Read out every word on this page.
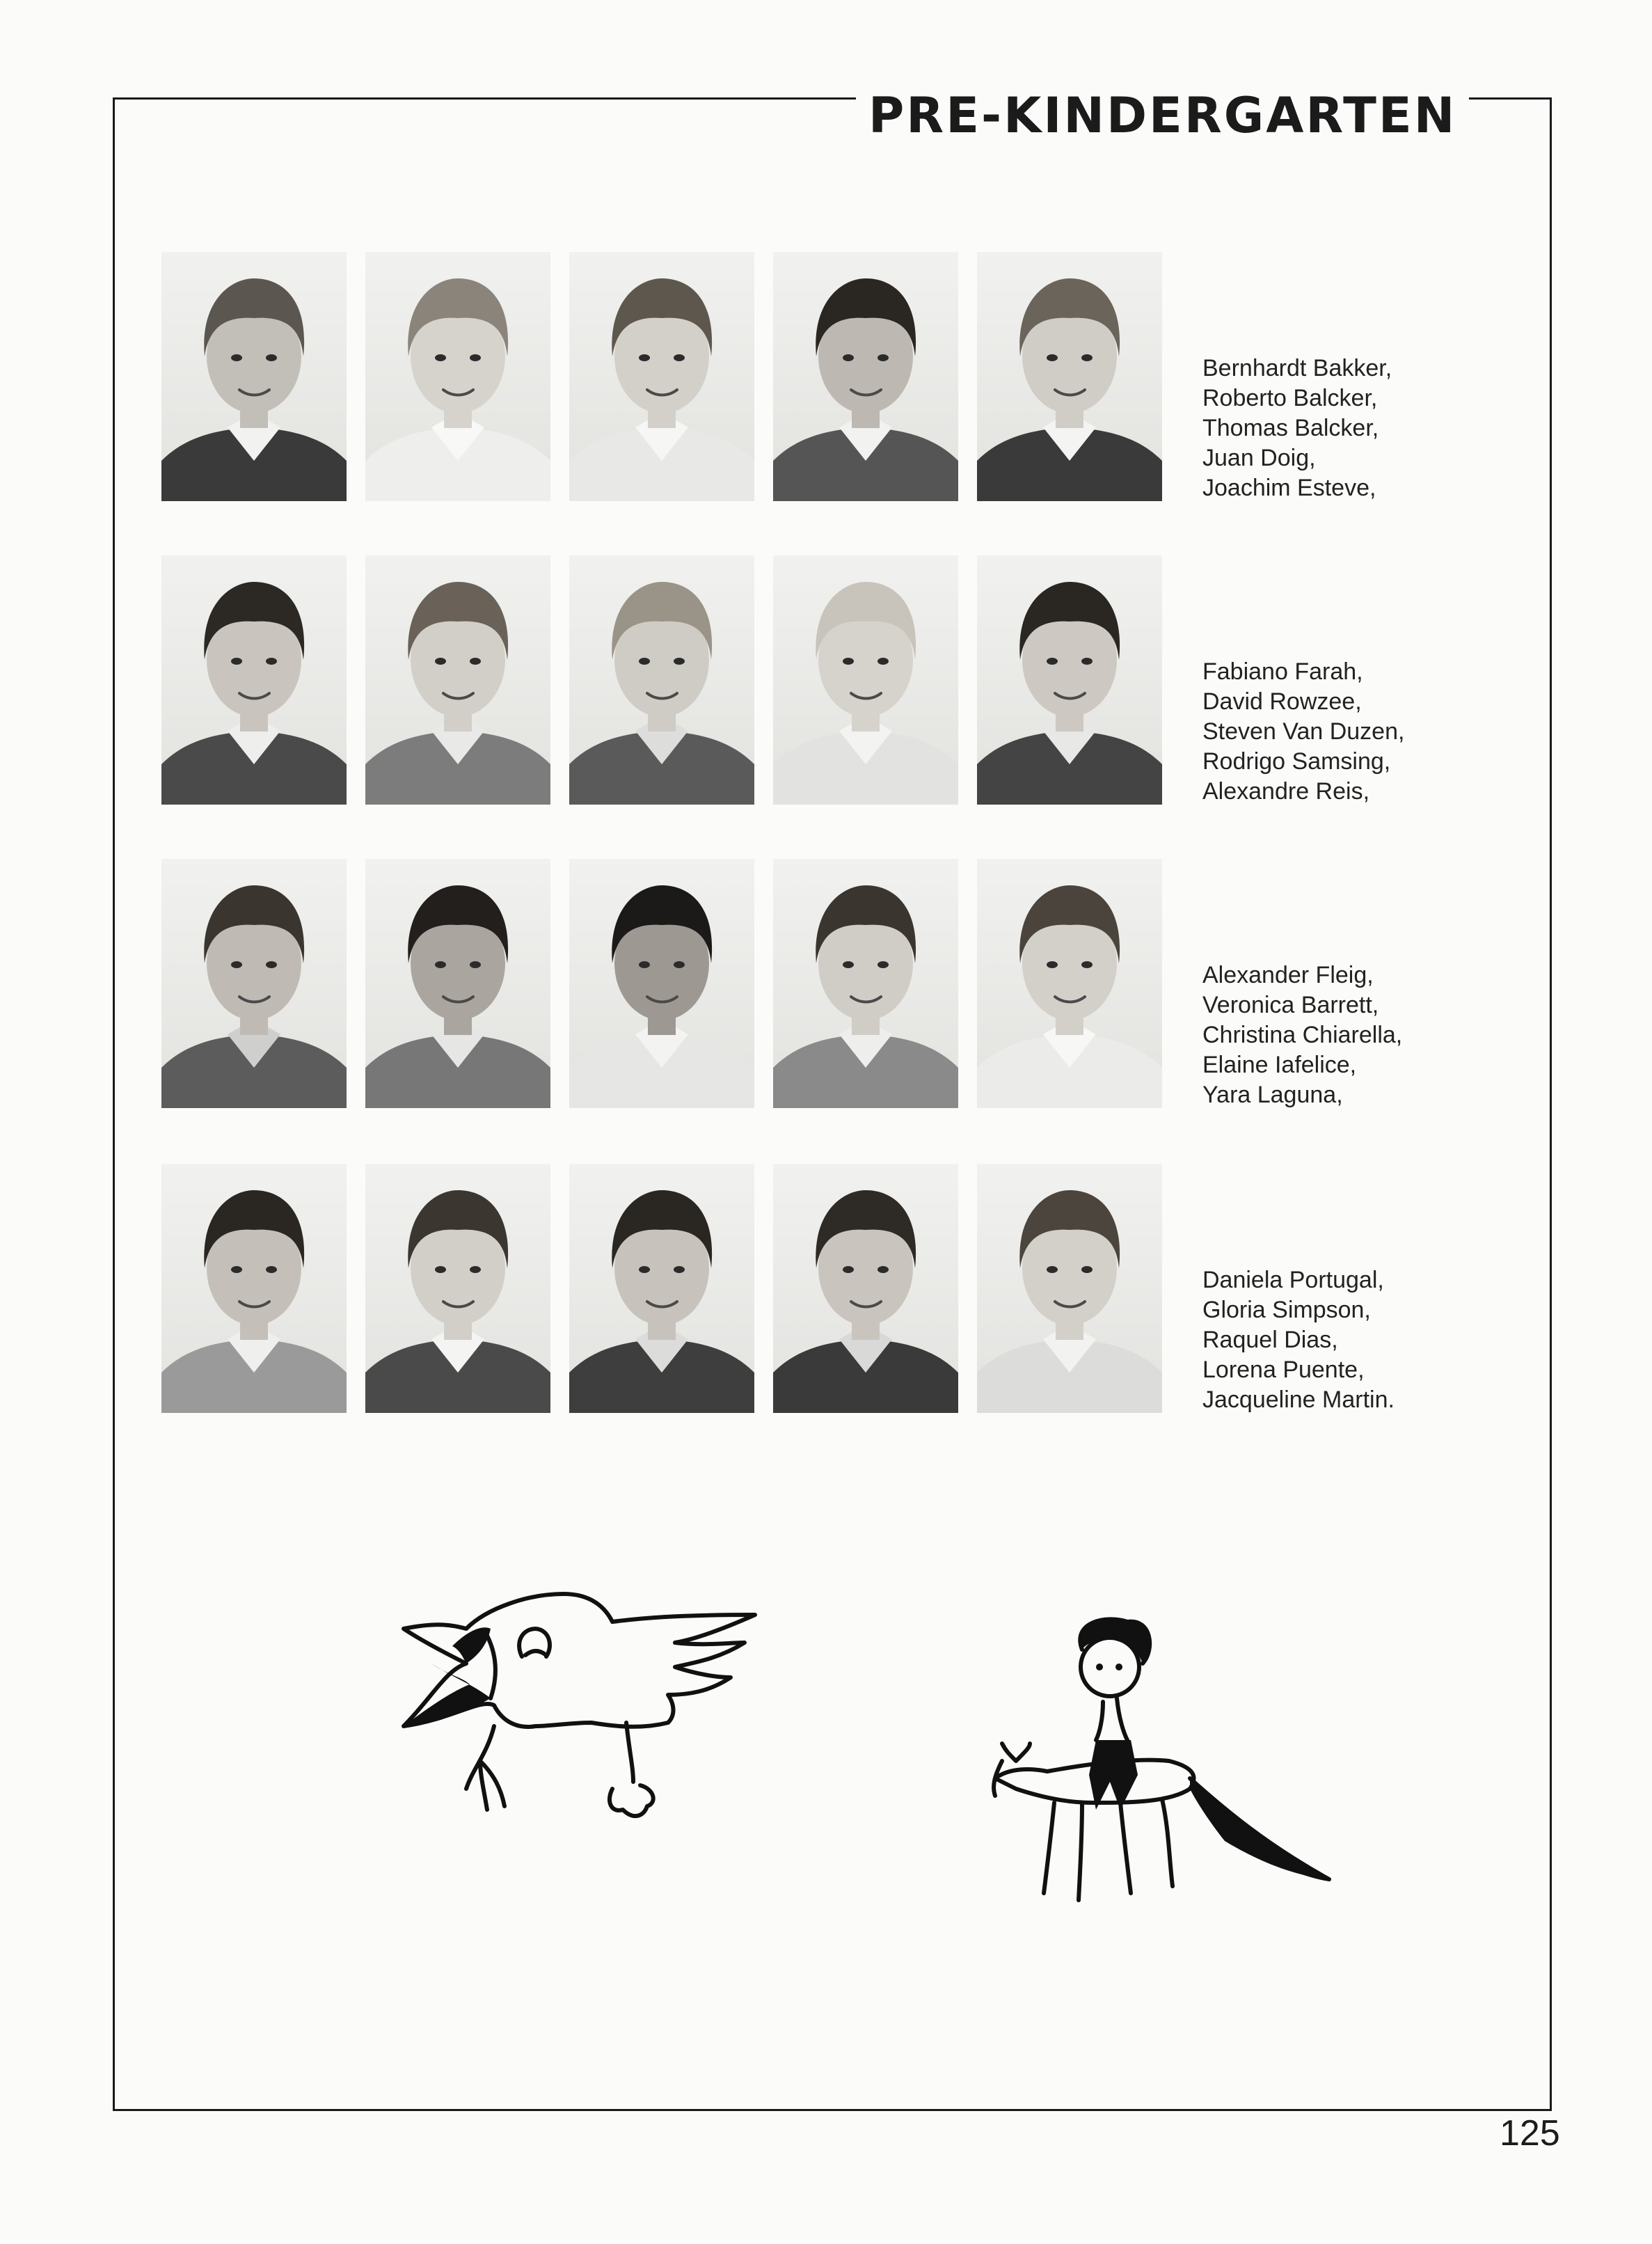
PRE-KINDERGARTEN
Bernhardt Bakker,
Roberto Balcker,
Thomas Balcker,
Juan Doig,
Joachim Esteve,
Fabiano Farah,
David Rowzee,
Steven Van Duzen,
Rodrigo Samsing,
Alexandre Reis,
Alexander Fleig,
Veronica Barrett,
Christina Chiarella,
Elaine Iafelice,
Yara Laguna,
Daniela Portugal,
Gloria Simpson,
Raquel Dias,
Lorena Puente,
Jacqueline Martin.
125
